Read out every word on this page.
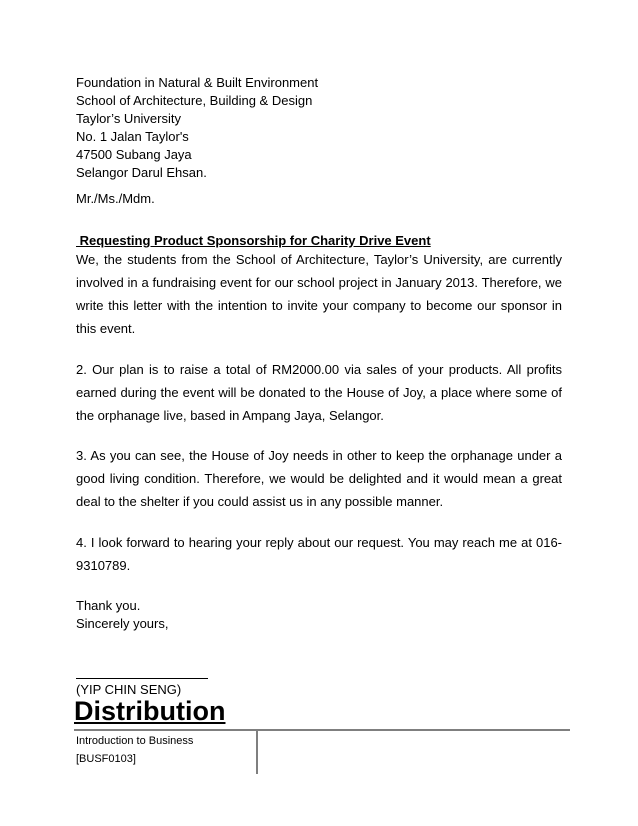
Foundation in Natural & Built Environment
School of Architecture, Building & Design
Taylor’s University
No. 1 Jalan Taylor's
47500 Subang Jaya
Selangor Darul Ehsan.
Mr./Ms./Mdm.
Requesting Product Sponsorship for Charity Drive Event
We, the students from the School of Architecture, Taylor’s University, are currently involved in a fundraising event for our school project in January 2013. Therefore, we write this letter with the intention to invite your company to become our sponsor in this event.
2. Our plan is to raise a total of RM2000.00 via sales of your products. All profits earned during the event will be donated to the House of Joy, a place where some of the orphanage live, based in Ampang Jaya, Selangor.
3. As you can see, the House of Joy needs in other to keep the orphanage under a good living condition. Therefore, we would be delighted and it would mean a great deal to the shelter if you could assist us in any possible manner.
4. I look forward to hearing your reply about our request. You may reach me at 016-9310789.
Thank you.
Sincerely yours,
(YIP CHIN SENG)
Distribution
Introduction to Business
[BUSF0103]
